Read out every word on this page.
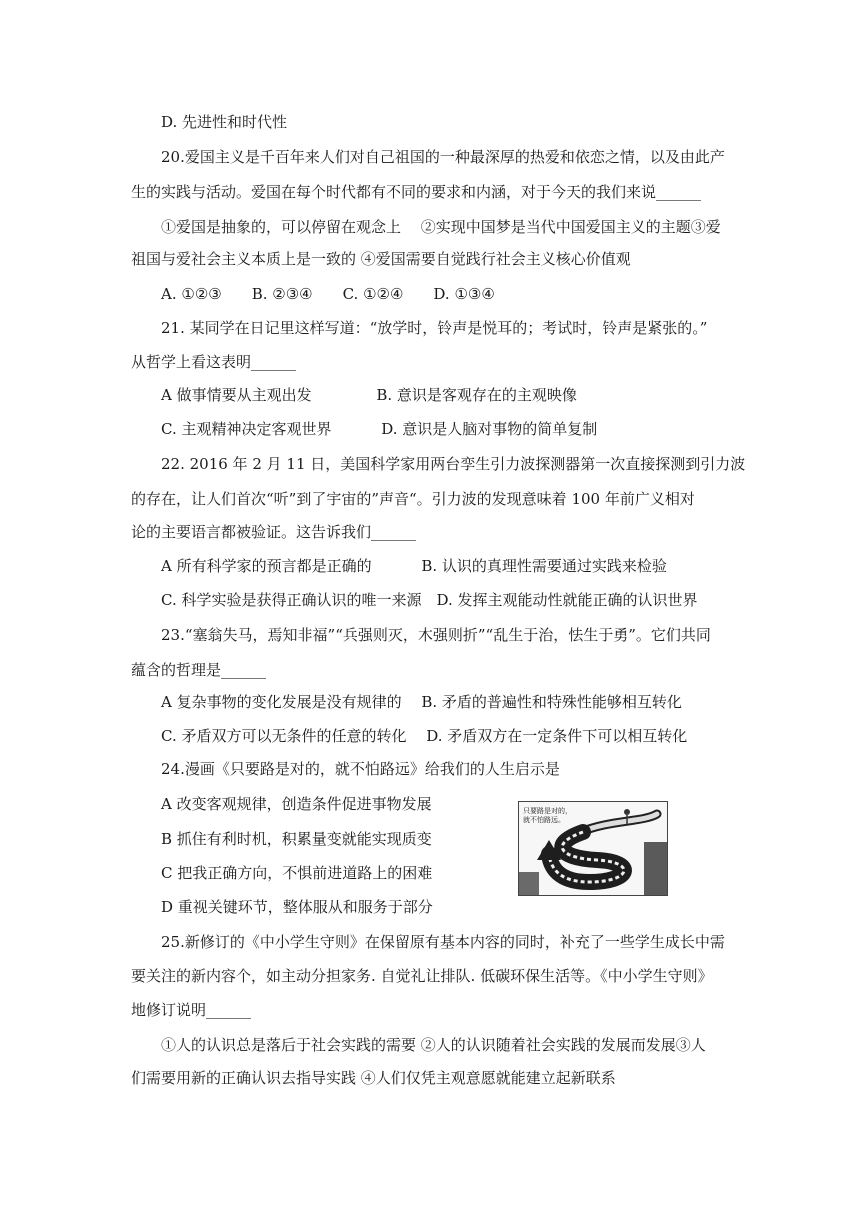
D. 先进性和时代性
20.爱国主义是千百年来人们对自己祖国的一种最深厚的热爱和依恋之情，以及由此产
生的实践与活动。爱国在每个时代都有不同的要求和内涵，对于今天的我们来说______
①爱国是抽象的，可以停留在观念上　 ②实现中国梦是当代中国爱国主义的主题③爱
祖国与爱社会主义本质上是一致的 ④爱国需要自觉践行社会主义核心价值观
A. ①②③　　B. ②③④　　C. ①②④　　D. ①③④
21. 某同学在日记里这样写道：“放学时，铃声是悦耳的；考试时，铃声是紧张的。”
从哲学上看这表明______
A 做事情要从主观出发　　　　 B. 意识是客观存在的主观映像
C. 主观精神决定客观世界　　　 D. 意识是人脑对事物的简单复制
22. 2016 年 2 月 11 日，美国科学家用两台孪生引力波探测器第一次直接探测到引力波
的存在，让人们首次“听”到了宇宙的”声音“。引力波的发现意味着 100 年前广义相对
论的主要语言都被验证。这告诉我们______
A 所有科学家的预言都是正确的　　　 B. 认识的真理性需要通过实践来检验
C. 科学实验是获得正确认识的唯一来源　D. 发挥主观能动性就能正确的认识世界
23.“塞翁失马，焉知非福”“兵强则灭，木强则折”“乱生于治，怯生于勇”。它们共同
蕴含的哲理是______
A 复杂事物的变化发展是没有规律的　 B. 矛盾的普遍性和特殊性能够相互转化
C. 矛盾双方可以无条件的任意的转化　 D. 矛盾双方在一定条件下可以相互转化
24.漫画《只要路是对的，就不怕路远》给我们的人生启示是
A 改变客观规律，创造条件促进事物发展
B 抓住有利时机，积累量变就能实现质变
C 把我正确方向，不惧前进道路上的困难
D 重视关键环节，整体服从和服务于部分
只要路是对的，
就不怕路远。
25.新修订的《中小学生守则》在保留原有基本内容的同时，补充了一些学生成长中需
要关注的新内容个，如主动分担家务. 自觉礼让排队. 低碳环保生活等。《中小学生守则》
地修订说明______
①人的认识总是落后于社会实践的需要 ②人的认识随着社会实践的发展而发展③人
们需要用新的正确认识去指导实践 ④人们仅凭主观意愿就能建立起新联系
